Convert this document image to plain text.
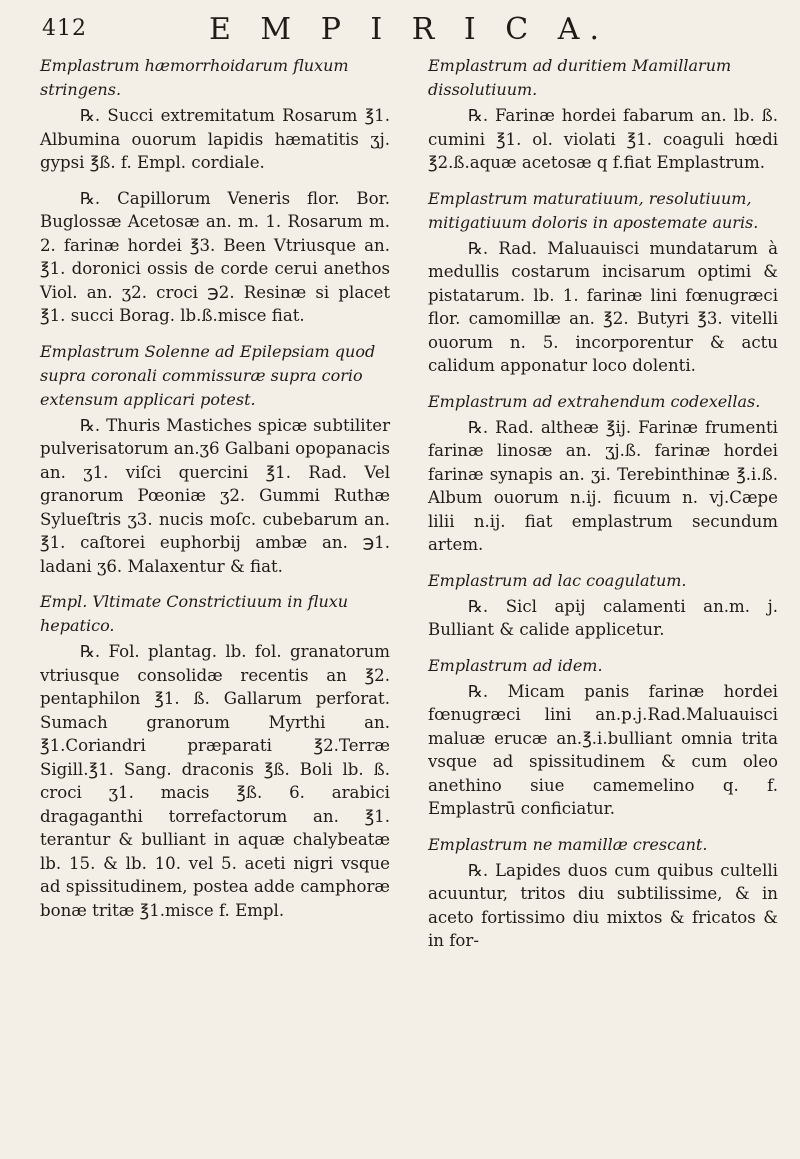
412	E M P I R I C A.
Emplastrum hæmorrhoidarum fluxum stringens.
℞. Succi extremitatum Rosarum ℥1. Albumina ouorum lapidis hæmatitis ʒj. gypsi ℥ß. f. Empl. cordiale.
℞. Capillorum Veneris flor. Bor. Buglossæ Acetosæ an. m. 1. Rosarum m. 2. farinæ hordei ℥3. Been Vtriusque an. ℥1. doronici ossis de corde cerui anethos Viol. an. ʒ2. croci ℈2. Resinæ si placet ℥1. succi Borag. lb.ß.misce fiat.
Emplastrum Solenne ad Epilepsiam quod supra coronali commissuræ supra corio extensum applicari potest.
℞. Thuris Mastiches spicæ subtiliter pulverisatorum an.ʒ6 Galbani opopanacis an. ʒ1. viſci quercini ℥1. Rad. Vel granorum Pœoniæ ʒ2. Gummi Ruthæ Sylueſtris ʒ3. nucis moſc. cubebarum an. ℥1. caſtorei euphorbij ambæ an. ℈1. ladani ʒ6. Malaxentur & fiat.
Empl. Vltimate Constrictiuum in fluxu hepatico.
℞. Fol. plantag. lb. fol. granatorum vtriusque consolidæ recentis an ℥2. pentaphilon ℥1. ß. Gallarum perforat. Sumach granorum Myrthi an. ℥1.Coriandri præparati ℥2.Terræ Sigill.℥1. Sang. draconis ℥ß. Boli lb. ß. croci ʒ1. macis ℥ß. 6. arabici dragaganthi torrefactorum an. ℥1. terantur & bulliant in aquæ chalybeatæ lb. 15. & lb. 10. vel 5. aceti nigri vsque ad spissitudinem, postea adde camphoræ bonæ tritæ ℥1.misce f. Empl.
Emplastrum ad duritiem Mamillarum dissolutiuum.
℞. Farinæ hordei fabarum an. lb. ß. cumini ℥1. ol. violati ℥1. coaguli hœdi ℥2.ß.aquæ acetosæ q f.fiat Emplastrum.
Emplastrum maturatiuum, resolutiuum, mitigatiuum doloris in apostemate auris.
℞. Rad. Maluauisci mundatarum à medullis costarum incisarum optimi & pistatarum. lb. 1. farinæ lini fœnugræci flor. camomillæ an. ℥2. Butyri ℥3. vitelli ouorum n. 5. incorporentur & actu calidum apponatur loco dolenti.
Emplastrum ad extrahendum codexellas.
℞. Rad. altheæ ℥ij. Farinæ frumenti farinæ linosæ an. ʒj.ß. farinæ hordei farinæ synapis an. ʒi. Terebinthinæ ℥.i.ß. Album ouorum n.ij. ficuum n. vj.Cæpe lilii n.ij. fiat emplastrum secundum artem.
Emplastrum ad lac coagulatum.
℞. Sicl apij calamenti an.m. j. Bulliant & calide applicetur.
Emplastrum ad idem.
℞. Micam panis farinæ hordei fœnugræci lini an.p.j.Rad.Maluauisci maluæ erucæ an.℥.i.bulliant omnia trita vsque ad spissitudinem & cum oleo anethino siue camemelino q. f. Emplastrū conficiatur.
Emplastrum ne mamillæ crescant.
℞. Lapides duos cum quibus cultelli acuuntur, tritos diu subtilissime, & in aceto fortissimo diu mixtos & fricatos & in for-
